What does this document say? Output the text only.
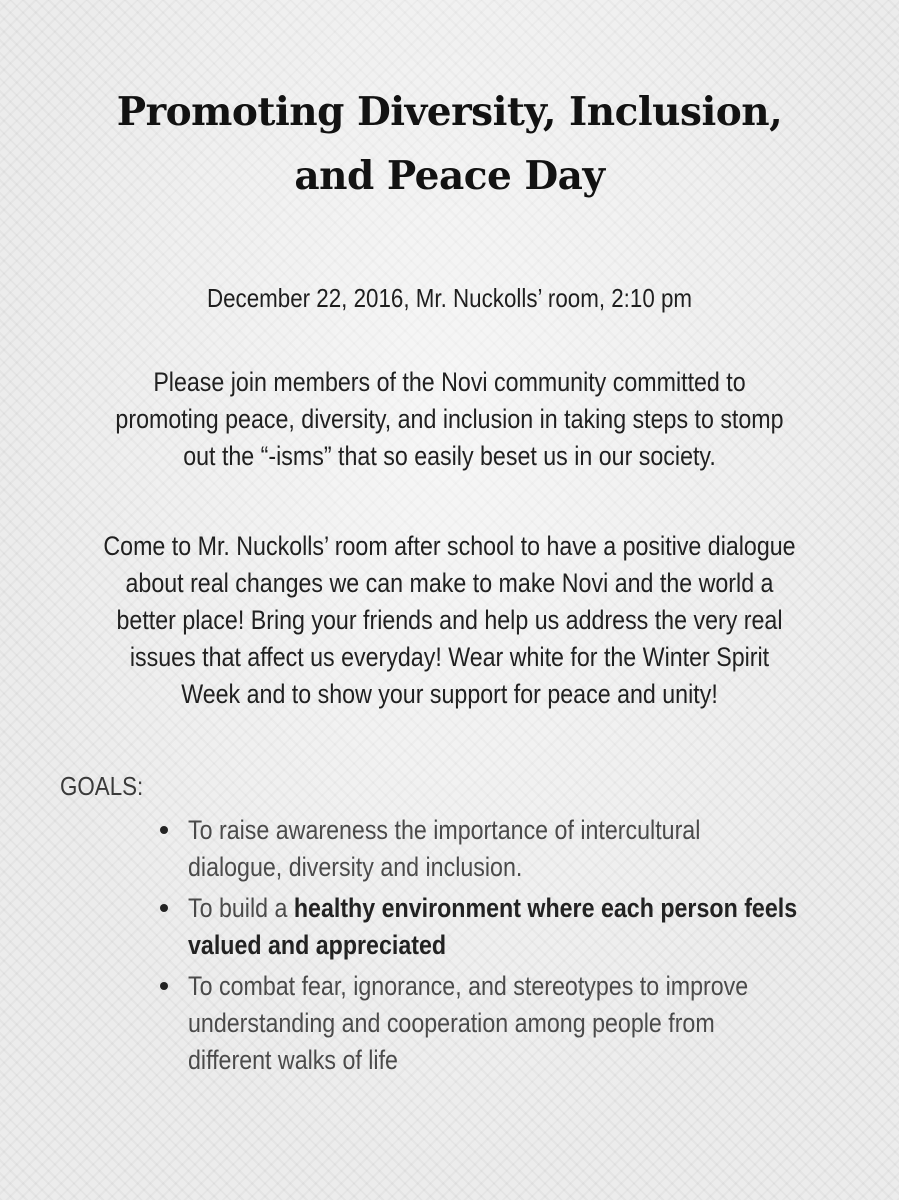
Promoting Diversity, Inclusion,
and Peace Day
December 22, 2016, Mr. Nuckolls’ room, 2:10 pm
Please join members of the Novi community committed to
promoting peace, diversity, and inclusion in taking steps to stomp
out the “-isms” that so easily beset us in our society.
Come to Mr. Nuckolls’ room after school to have a positive dialogue
about real changes we can make to make Novi and the world a
better place! Bring your friends and help us address the very real
issues that affect us everyday! Wear white for the Winter Spirit
Week and to show your support for peace and unity!
GOALS:
To raise awareness the importance of intercultural
dialogue, diversity and inclusion.
To build a healthy environment where each person feels
valued and appreciated
To combat fear, ignorance, and stereotypes to improve
understanding and cooperation among people from
different walks of life
